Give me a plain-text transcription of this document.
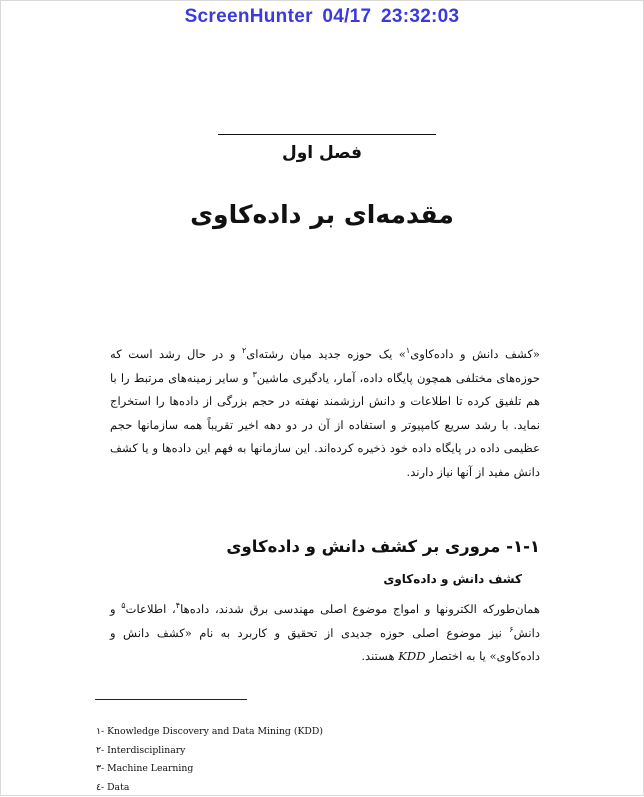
ScreenHunter 04/17 23:32:03
فصل اول
مقدمه‌ای بر داده‌کاوی

«کشف دانش و داده‌کاوی$^۱$» یک حوزه جدید میان رشته‌ای$^۲$ و در حال رشد است که حوزه‌های مختلفی همچون پایگاه داده، آمار، یادگیری ماشین$^۳$ و سایر زمینه‌های مرتبط را با هم تلفیق کرده تا اطلاعات و دانش ارزشمند نهفته در حجم بزرگی از داده‌ها را استخراج نماید. با رشد سریع کامپیوتر و استفاده از آن در دو دهه اخیر تقریباً همه سازمانها حجم عظیمی داده در پایگاه داده خود ذخیره کرده‌اند. این سازمانها به فهم این داده‌ها و یا کشف دانش مفید از آنها نیاز دارند.

۱-۱- مروری بر کشف دانش و داده‌کاوی
کشف دانش و داده‌کاوی

همان‌طورکه الکترونها و امواج موضوع اصلی مهندسی برق شدند، داده‌ها$^۴$، اطلاعات$^۵$ و دانش$^۶$ نیز موضوع اصلی حوزه جدیدی از تحقیق و کاربرد به نام «کشف دانش و داده‌کاوی» یا به اختصار KDD هستند.

١- Knowledge Discovery and Data Mining (KDD)
٢- Interdisciplinary
٣- Machine Learning
٤- Data
